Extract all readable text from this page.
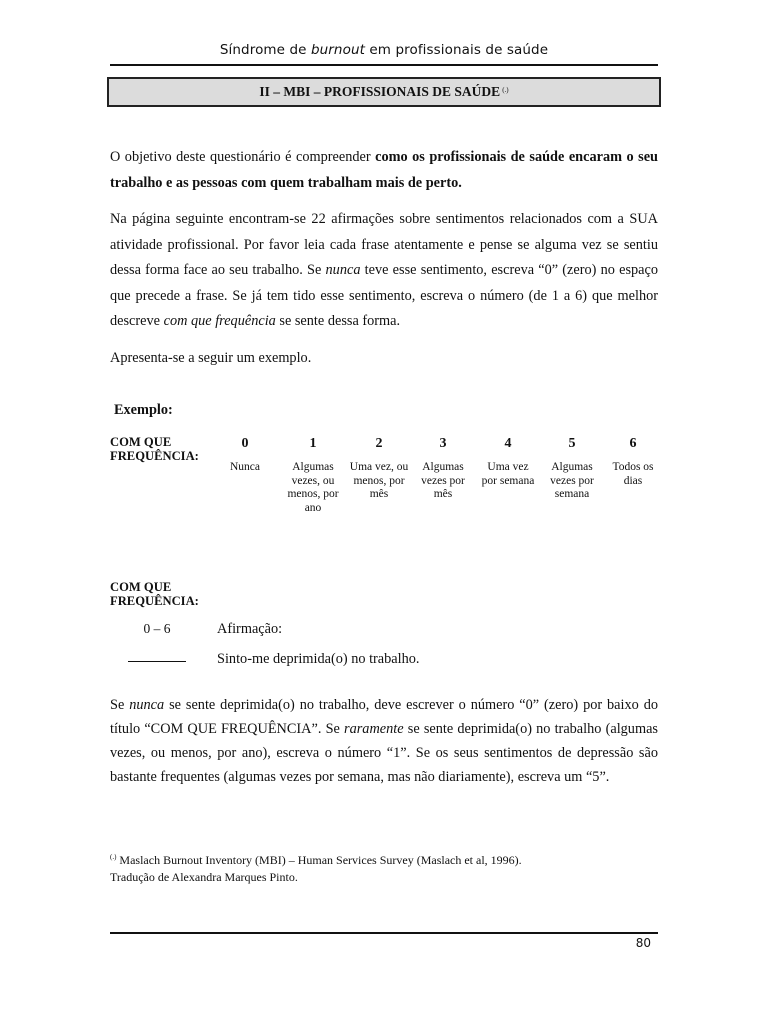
Síndrome de burnout em profissionais de saúde
II – MBI – PROFISSIONAIS DE SAÚDE (.)
O objetivo deste questionário é compreender como os profissionais de saúde encaram o seu trabalho e as pessoas com quem trabalham mais de perto.
Na página seguinte encontram-se 22 afirmações sobre sentimentos relacionados com a SUA atividade profissional. Por favor leia cada frase atentamente e pense se alguma vez se sentiu dessa forma face ao seu trabalho. Se nunca teve esse sentimento, escreva “0” (zero) no espaço que precede a frase. Se já tem tido esse sentimento, escreva o número (de 1 a 6) que melhor descreve com que frequência se sente dessa forma.
Apresenta-se a seguir um exemplo.
Exemplo:
COM QUE
FREQUÊNCIA:
0
Nunca
1
Algumas vezes, ou menos, por ano
2
Uma vez, ou menos, por mês
3
Algumas vezes por mês
4
Uma vez por semana
5
Algumas vezes por semana
6
Todos os dias
COM QUE
FREQUÊNCIA:
0 – 6	Afirmação:
Sinto-me deprimida(o) no trabalho.
Se nunca se sente deprimida(o) no trabalho, deve escrever o número “0” (zero) por baixo do título “COM QUE FREQUÊNCIA”. Se raramente se sente deprimida(o) no trabalho (algumas vezes, ou menos, por ano), escreva o número “1”. Se os seus sentimentos de depressão são bastante frequentes (algumas vezes por semana, mas não diariamente), escreva um “5”.
(.) Maslach Burnout Inventory (MBI) – Human Services Survey (Maslach et al, 1996).
Tradução de Alexandra Marques Pinto.
80
